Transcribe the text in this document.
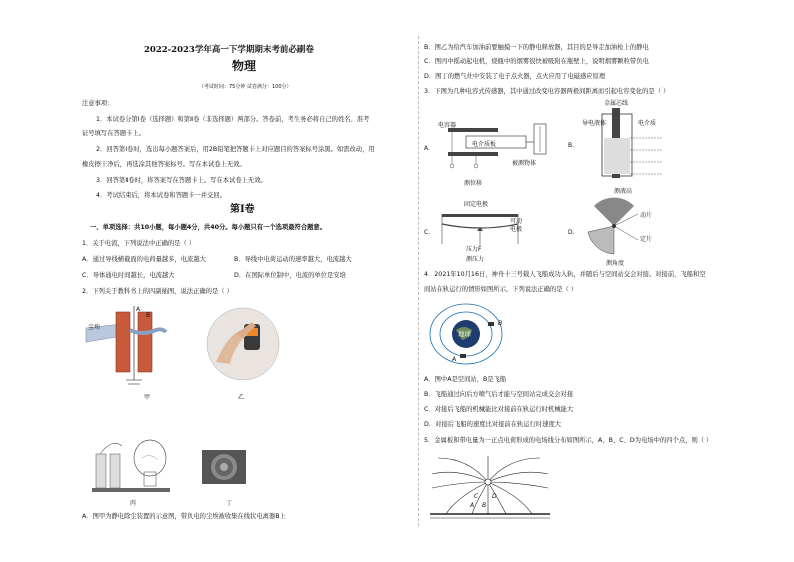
2022-2023学年高一下学期期末考前必刷卷
物理
（考试时间：75分钟 试卷满分：100分）
注意事项：
1．本试卷分第Ⅰ卷（选择题）和第Ⅱ卷（非选择题）两部分。答卷前，考生务必将自己的姓名、准考
证号填写在答题卡上。
2．回答第Ⅰ卷时，选出每小题答案后，用2B铅笔把答题卡上对应题目的答案标号涂黑。如需改动，用
橡皮擦干净后，再选涂其他答案标号。写在本试卷上无效。
3．回答第Ⅱ卷时，将答案写在答题卡上。写在本试卷上无效。
4．考试结束后，将本试卷和答题卡一并交回。
第Ⅰ卷
一、单项选择：共10小题，每小题4分，共40分。每小题只有一个选项最符合题意。
1．关于电流，下列说法中正确的是（ ）
A．通过导线横截面的电荷量越多，电流越大	B．导线中电荷运动的速率越大，电流越大
C．导体通电时间越长，电流越大	D．在国际单位制中，电流的单位是安培
2．下列关于教科书上的四副插图，说法正确的是（ ）
尘埃
A
B
甲	乙
丙	丁
A．图甲为静电除尘装置的示意图，带负电的尘埃被收集在线状电离器B上
B．图乙为给汽车加油前要触摸一下的静电释放器，其目的是导走加油枪上的静电
C．图丙中摇动起电机，烧瓶中的烟雾很快被吸附在瓶壁上，说明烟雾颗粒带负电
D．图丁的燃气灶中安装了电子点火器，点火应用了电磁感应原理
3．下图为几种电容式传感器，其中通过改变电容器两极间距离而引起电容变化的是（ ）
A．
电容器
电介质板
被测物体
测位移
B．
金属芯线
导电液体	电介质
测液高
C．
固定电极
可动
电极
压力F
测压力
D．
动片
定片
测角度
4．2021年10月16日，神舟十三号载人飞船成功入轨，并随后与空间站交会对接。对接前，飞船和空
间站在轨运行的情形如图所示，下列说法正确的是（ ）
地球
B
A
A．图中A是空间站，B是飞船
B．飞船通过向后方喷气后才能与空间站完成交会对接
C．对接后飞船的机械能比对接前在轨运行时机械能大
D．对接后飞船的速度比对接前在轨运行时速度大
5．金属板和带电量为一正点电荷形成的电场线分布如图所示，A、B、C、D为电场中的四个点，则（ ）
C
A B
D
